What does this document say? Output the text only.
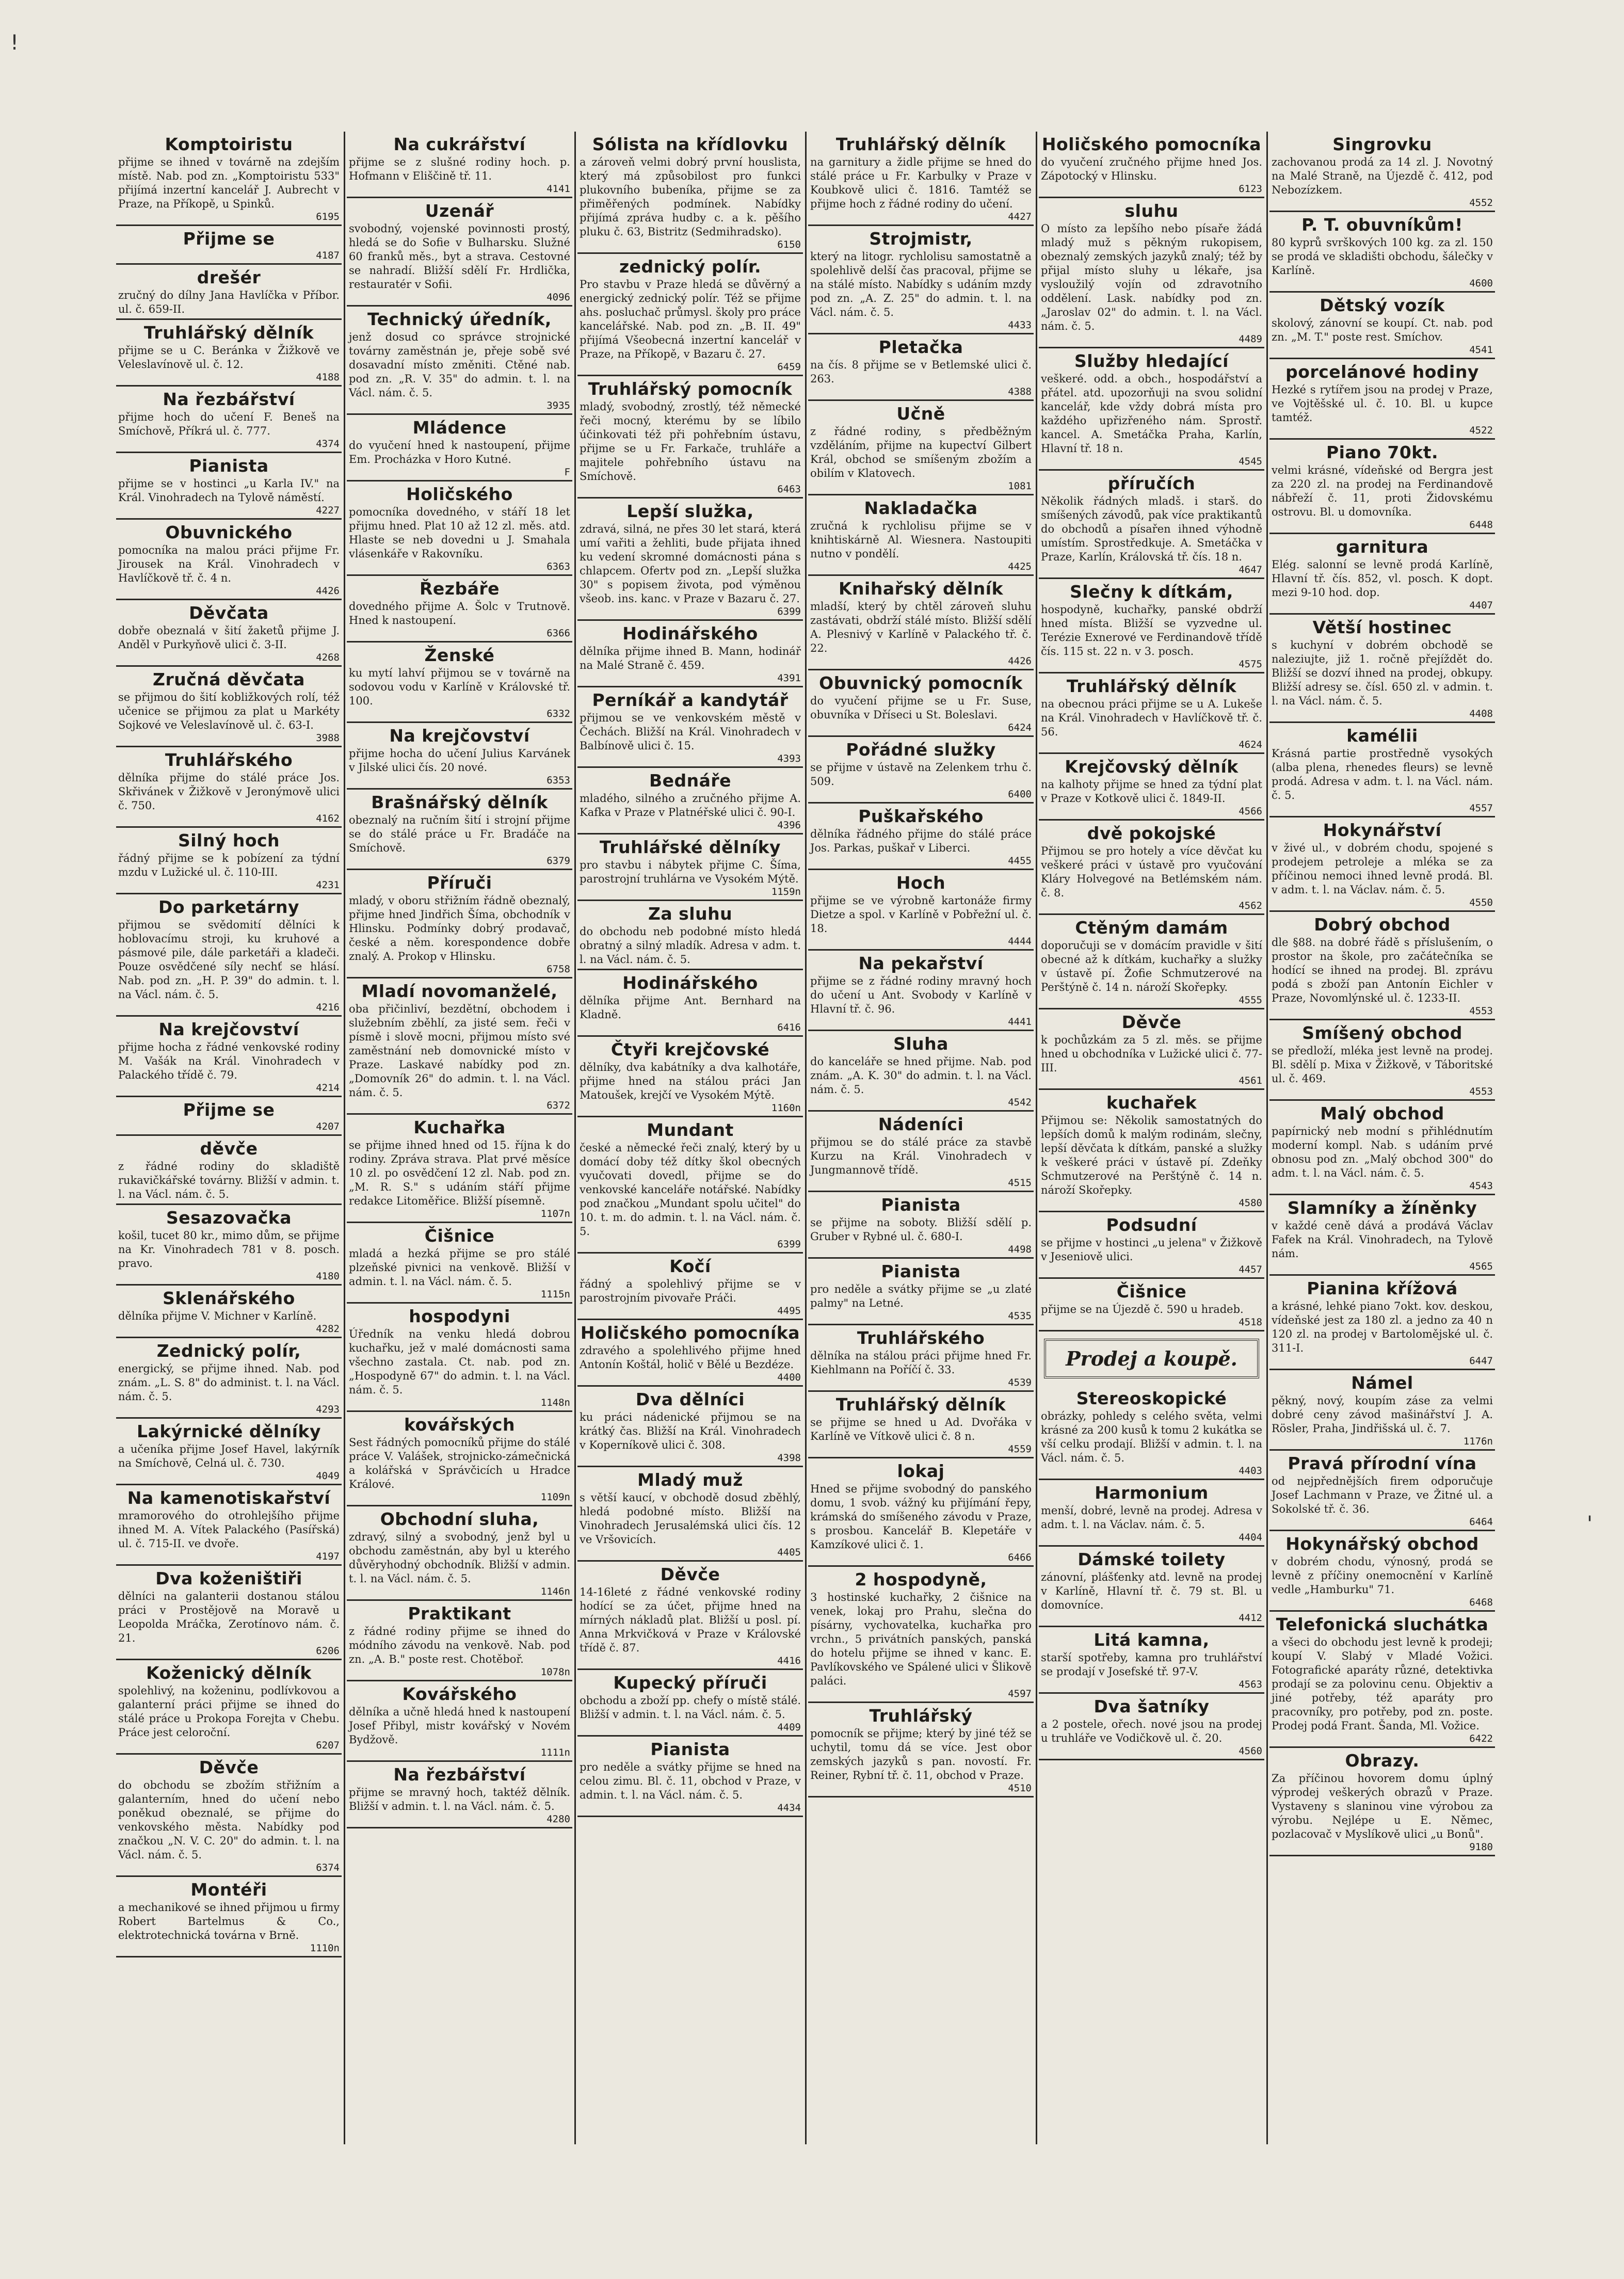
Komptoiristu

přijme se ihned v továrně na zdejším místě. Nab. pod zn. „Komptoiristu 533" přijímá inzertní kancelář J. Aubrecht v Praze, na Příkopě, u Spinků.

6195
Přijme se

4187
drešér

zručný do dílny Jana Havlíčka v Příbor. ul. č. 659-II.

Truhlářský dělník

přijme se u C. Beránka v Žižkově ve Veleslavínově ul. č. 12.

4188
Na řezbářství

přijme hoch do učení F. Beneš na Smíchově, Příkrá ul. č. 777.

4374
Pianista

přijme se v hostinci „u Karla IV." na Král. Vinohradech na Tylově náměstí.

4227
Obuvnického

pomocníka na malou práci přijme Fr. Jirousek na Král. Vinohradech v Havlíčkově tř. č. 4 n.

4426
Děvčata

dobře obeznalá v šití žaketů přijme J. Anděl v Purkyňově ulici č. 3-II.

4268
Zručná děvčata

se přijmou do šití kobližkových rolí, též učenice se přijmou za plat u Markéty Sojkové ve Veleslavínově ul. č. 63-I.

3988
Truhlářského

dělníka přijme do stálé práce Jos. Skřivánek v Žižkově v Jeronýmově ulici č. 750.

4162
Silný hoch

řádný přijme se k pobízení za týdní mzdu v Lužické ul. č. 110-III.

4231
Do parketárny

přijmou se svědomití dělníci k hoblovacímu stroji, ku kruhové a pásmové pile, dále parketáři a kladeči. Pouze osvědčené síly nechť se hlásí. Nab. pod zn. „H. P. 39" do admin. t. l. na Václ. nám. č. 5.

4216
Na krejčovství

přijme hocha z řádné venkovské rodiny M. Vašák na Král. Vinohradech v Palackého třídě č. 79.

4214
Přijme se

4207
děvče

z řádné rodiny do skladiště rukavičkářské továrny. Bližší v admin. t. l. na Václ. nám. č. 5.

Sesazovačka

košil, tucet 80 kr., mimo dům, se přijme na Kr. Vinohradech 781 v 8. posch. pravo.

4180
Sklenářského

dělníka přijme V. Michner v Karlíně.

4282
Zednický polír,

energický, se přijme ihned. Nab. pod znám. „L. S. 8" do administ. t. l. na Václ. nám. č. 5.

4293
Lakýrnické dělníky

a učeníka přijme Josef Havel, lakýrník na Smíchově, Celná ul. č. 730.

4049
Na kamenotiskařství

mramorového do otrohlejšího přijme ihned M. A. Vítek Palackého (Pasířská) ul. č. 715-II. ve dvoře.

4197
Dva koženištiři

dělníci na galanterii dostanou stálou práci v Prostějově na Moravě u Leopolda Mráčka, Zerotínovo nám. č. 21.

6206
Koženický dělník

spolehlivý, na koženinu, podlívkovou a galanterní práci přijme se ihned do stálé práce u Prokopa Forejta v Chebu. Práce jest celoroční.

6207
Děvče

do obchodu se zbožím střižním a galanterním, hned do učení nebo poněkud obeznalé, se přijme do venkovského města. Nabídky pod značkou „N. V. C. 20" do admin. t. l. na Václ. nám. č. 5.

6374
Montéři

a mechanikové se ihned přijmou u firmy Robert Bartelmus & Co., elektrotechnická továrna v Brně.

1110n
Na cukrářství

přijme se z slušné rodiny hoch. p. Hofmann v Eliščině tř. 11.

4141
Uzenář

svobodný, vojenské povinnosti prostý, hledá se do Sofie v Bulharsku. Služné 60 franků měs., byt a strava. Cestovné se nahradí. Bližší sdělí Fr. Hrdlička, restauratér v Sofii.

4096
Technický úředník,

jenž dosud co správce strojnické továrny zaměstnán je, přeje sobě své dosavadní místo změniti. Ctěné nab. pod zn. „R. V. 35" do admin. t. l. na Václ. nám. č. 5.

3935
Mládence

do vyučení hned k nastoupení, přijme Em. Procházka v Horo Kutné.

F
Holičského

pomocníka dovedného, v stáří 18 let přijmu hned. Plat 10 až 12 zl. měs. atd. Hlaste se neb dovedni u J. Smahala vlásenkáře v Rakovníku.

6363
Řezbáře

dovedného přijme A. Šolc v Trutnově. Hned k nastoupení.

6366
Ženské

ku mytí lahví přijmou se v továrně na sodovou vodu v Karlíně v Královské tř. 100.

6332
Na krejčovství

přijme hocha do učení Julius Karvánek v Jilské ulici čís. 20 nové.

6353
Brašnářský dělník

obeznalý na ručním šití i strojní přijme se do stálé práce u Fr. Bradáče na Smíchově.

6379
Příruči

mladý, v oboru střižním řádně obeznalý, přijme hned Jindřich Šíma, obchodník v Hlinsku. Podmínky dobrý prodavač, české a něm. korespondence dobře znalý. A. Prokop v Hlinsku.

6758
Mladí novomanželé,

oba přičinliví, bezdětní, obchodem i služebním zběhlí, za jisté sem. řeči v písmě i slově mocni, přijmou místo své zaměstnání neb domovnické místo v Praze. Laskavé nabídky pod zn. „Domovník 26" do admin. t. l. na Václ. nám. č. 5.

6372
Kuchařka

se přijme ihned hned od 15. října k do rodiny. Zpráva strava. Plat prvé měsíce 10 zl. po osvědčení 12 zl. Nab. pod zn. „M. R. S." s udáním stáří přijme redakce Litoměřice. Bližší písemně.

1107n
Čišnice

mladá a hezká přijme se pro stálé plzeňské pivnici na venkově. Bližší v admin. t. l. na Václ. nám. č. 5.

1115n
hospodyni

Úředník na venku hledá dobrou kuchařku, jež v malé domácnosti sama všechno zastala. Ct. nab. pod zn. „Hospodyně 67" do admin. t. l. na Václ. nám. č. 5.

1148n
kovářských

Sest řádných pomocníků přijme do stálé práce V. Valášek, strojnicko-zámečnická a kolářská v Správčicích u Hradce Králové.

1109n
Obchodní sluha,

zdravý, silný a svobodný, jenž byl u obchodu zaměstnán, aby byl u kterého důvěryhodný obchodník. Bližší v admin. t. l. na Václ. nám. č. 5.

1146n
Praktikant

z řádné rodiny přijme se ihned do módního závodu na venkově. Nab. pod zn. „A. B." poste rest. Chotěboř.

1078n
Kovářského

dělníka a učně hledá hned k nastoupení Josef Přibyl, mistr kovářský v Novém Bydžově.

1111n
Na řezbářství

přijme se mravný hoch, taktéž dělník. Bližší v admin. t. l. na Václ. nám. č. 5.

4280
Sólista na křídlovku

a zároveň velmi dobrý první houslista, který má způsobilost pro funkci plukovního bubeníka, přijme se za přiměřených podmínek. Nabídky přijímá zpráva hudby c. a k. pěšího pluku č. 63, Bistritz (Sedmihradsko).

6150
zednický polír.

Pro stavbu v Praze hledá se důvěrný a energický zednický polír. Též se přijme ahs. posluchač průmysl. školy pro práce kancelářské. Nab. pod zn. „B. II. 49" přijímá Všeobecná inzertní kancelář v Praze, na Příkopě, v Bazaru č. 27.

6459
Truhlářský pomocník

mladý, svobodný, zrostlý, též německé řeči mocný, kterému by se líbilo účinkovati též při pohřebním ústavu, přijme se u Fr. Farkače, truhláře a majitele pohřebního ústavu na Smíchově.

6463
Lepší služka,

zdravá, silná, ne přes 30 let stará, která umí vařiti a žehliti, bude přijata ihned ku vedení skromné domácnosti pána s chlapcem. Ofertv pod zn. „Lepší služka 30" s popisem života, pod výměnou všeob. ins. kanc. v Praze v Bazaru č. 27.

6399
Hodinářského

dělníka přijme ihned B. Mann, hodinář na Malé Straně č. 459.

4391
Perníkář a kandytář

přijmou se ve venkovském městě v Čechách. Bližší na Král. Vinohradech v Balbínově ulici č. 15.

4393
Bednáře

mladého, silného a zručného přijme A. Kafka v Praze v Platnéřské ulici č. 90-I.

4396
Truhlářské dělníky

pro stavbu i nábytek přijme C. Šíma, parostrojní truhlárna ve Vysokém Mýtě.

1159n
Za sluhu

do obchodu neb podobné místo hledá obratný a silný mladík. Adresa v adm. t. l. na Václ. nám. č. 5.

Hodinářského

dělníka přijme Ant. Bernhard na Kladně.

6416
Čtyři krejčovské

dělníky, dva kabátníky a dva kalhotáře, přijme hned na stálou práci Jan Matoušek, krejčí ve Vysokém Mýtě.

1160n
Mundant

české a německé řeči znalý, který by u domácí doby též dítky škol obecných vyučovati dovedl, přijme se do venkovské kanceláře notářské. Nabídky pod značkou „Mundant spolu učitel" do 10. t. m. do admin. t. l. na Václ. nám. č. 5.

6399
Kočí

řádný a spolehlivý přijme se v parostrojním pivovaře Práči.

4495
Holičského pomocníka

zdravého a spolehlivého přijme hned Antonín Koštál, holič v Bělé u Bezdéze.

4400
Dva dělníci

ku práci nádenické přijmou se na krátký čas. Bližší na Král. Vinohradech v Koperníkově ulici č. 308.

4398
Mladý muž

s větší kaucí, v obchodě dosud zběhlý, hledá podobné místo. Bližší na Vinohradech Jerusalémská ulici čís. 12 ve Vršovicích.

4405
Děvče

14-16leté z řádné venkovské rodiny hodící se za účet, přijme hned na mírných nákladů plat. Bližší u posl. pí. Anna Mrkvičková v Praze v Královské třídě č. 87.

4416
Kupecký příruči

obchodu a zboží pp. chefy o místě stálé. Bližší v admin. t. l. na Václ. nám. č. 5.

4409
Pianista

pro neděle a svátky přijme se hned na celou zimu. Bl. č. 11, obchod v Praze, v admin. t. l. na Václ. nám. č. 5.

4434
Truhlářský dělník

na garnitury a židle přijme se hned do stálé práce u Fr. Karbulky v Praze v Koubkově ulici č. 1816. Tamtéž se přijme hoch z řádné rodiny do učení.

4427
Strojmistr,

který na litogr. rychlolisu samostatně a spolehlivě delší čas pracoval, přijme se na stálé místo. Nabídky s udáním mzdy pod zn. „A. Z. 25" do admin. t. l. na Václ. nám. č. 5.

4433
Pletačka

na čís. 8 přijme se v Betlemské ulici č. 263.

4388
Učně

z řádné rodiny, s předběžným vzděláním, přijme na kupectví Gilbert Král, obchod se smíšeným zbožím a obilím v Klatovech.

1081
Nakladačka

zručná k rychlolisu přijme se v knihtiskárně Al. Wiesnera. Nastoupiti nutno v pondělí.

4425
Knihařský dělník

mladší, který by chtěl zároveň sluhu zastávati, obdrží stálé místo. Bližší sdělí A. Plesnivý v Karlíně v Palackého tř. č. 22.

4426
Obuvnický pomocník

do vyučení přijme se u Fr. Suse, obuvníka v Dříseci u St. Boleslavi.

6424
Pořádné služky

se přijme v ústavě na Zelenkem trhu č. 509.

6400
Puškařského

dělníka řádného přijme do stálé práce Jos. Parkas, puškař v Liberci.

4455
Hoch

přijme se ve výrobně kartonáže firmy Dietze a spol. v Karlíně v Pobřežní ul. č. 18.

4444
Na pekařství

přijme se z řádné rodiny mravný hoch do učení u Ant. Svobody v Karlíně v Hlavní tř. č. 96.

4441
Sluha

do kanceláře se hned přijme. Nab. pod znám. „A. K. 30" do admin. t. l. na Václ. nám. č. 5.

4542
Nádeníci

přijmou se do stálé práce za stavbě Kurzu na Král. Vinohradech v Jungmannově třídě.

4515
Pianista

se přijme na soboty. Bližší sdělí p. Gruber v Rybné ul. č. 680-I.

4498
Pianista

pro neděle a svátky přijme se „u zlaté palmy" na Letné.

4535
Truhlářského

dělníka na stálou práci přijme hned Fr. Kiehlmann na Poříčí č. 33.

4539
Truhlářský dělník

se přijme se hned u Ad. Dvořáka v Karlíně ve Vítkově ulici č. 8 n.

4559
lokaj

Hned se přijme svobodný do panského domu, 1 svob. vážný ku přijímání řepy, krámská do smíšeného závodu v Praze, s prosbou. Kancelář B. Klepetáře v Kamzíkové ulici č. 1.

6466
2 hospodyně,

3 hostinské kuchařky, 2 čišnice na venek, lokaj pro Prahu, slečna do písárny, vychovatelka, kuchařka pro vrchn., 5 privátních panských, panská do hotelu přijme se ihned v kanc. E. Pavlíkovského ve Spálené ulici v Šlikově paláci.

4597
Truhlářský

pomocník se přijme; který by jiné též se uchytil, tomu dá se více. Jest obor zemských jazyků s pan. novostí. Fr. Reiner, Rybní tř. č. 11, obchod v Praze.

4510
Holičského pomocníka

do vyučení zručného přijme hned Jos. Zápotocký v Hlinsku.

6123
sluhu

O místo za lepšího nebo písaře žádá mladý muž s pěkným rukopisem, obeznalý zemských jazyků znalý; též by přijal místo sluhy u lékaře, jsa vysloužilý vojín od zdravotního oddělení. Lask. nabídky pod zn. „Jaroslav 02" do admin. t. l. na Václ. nám. č. 5.

4489
Služby hledající

veškeré. odd. a obch., hospodářství a přátel. atd. upozorňuji na svou solidní kancelář, kde vždy dobrá místa pro každého upřizřeného nám. Sprostř. kancel. A. Smetáčka Praha, Karlín, Hlavní tř. 18 n.

4545
příručích

Několik řádných mladš. i starš. do smíšených závodů, pak více praktikantů do obchodů a písařen ihned výhodně umístím. Sprostředkuje. A. Smetáčka v Praze, Karlín, Královská tř. čís. 18 n.

4647
Slečny k dítkám,

hospodyně, kuchařky, panské obdrží hned místa. Bližší se vyzvedne ul. Terézie Exnerové ve Ferdinandově třídě čís. 115 st. 22 n. v 3. posch.

4575
Truhlářský dělník

na obecnou práci přijme se u A. Lukeše na Král. Vinohradech v Havlíčkově tř. č. 56.

4624
Krejčovský dělník

na kalhoty přijme se hned za týdní plat v Praze v Kotkově ulici č. 1849-II.

4566
dvě pokojské

Přijmou se pro hotely a více děvčat ku veškeré práci v ústavě pro vyučování Kláry Holvegové na Betlémském nám. č. 8.

4562
Ctěným damám

doporučuji se v domácím pravidle v šití obecné až k dítkám, kuchařky a služky v ústavě pí. Žofie Schmutzerové na Perštýně č. 14 n. nároží Skořepky.

4555
Děvče

k pochůzkám za 5 zl. měs. se přijme hned u obchodníka v Lužické ulici č. 77-III.

4561
kuchařek

Přijmou se: Několik samostatných do lepších domů k malým rodinám, slečny, lepší děvčata k dítkám, panské a služky k veškeré práci v ústavě pí. Zdeňky Schmutzerové na Perštýně č. 14 n. nároží Skořepky.

4580
Podsudní

se přijme v hostinci „u jelena" v Žižkově v Jeseniově ulici.

4457
Čišnice

přijme se na Újezdě č. 590 u hradeb.

4518
Prodej a koupě.
Stereoskopické

obrázky, pohledy s celého světa, velmi krásné za 200 kusů k tomu 2 kukátka se vší celku prodají. Bližší v admin. t. l. na Václ. nám. č. 5.

4403
Harmonium

menší, dobré, levně na prodej. Adresa v adm. t. l. na Václav. nám. č. 5.

4404
Dámské toilety

zánovní, plášťenky atd. levně na prodej v Karlíně, Hlavní tř. č. 79 st. Bl. u domovníce.

4412
Litá kamna,

starší spotřeby, kamna pro truhlářství se prodají v Josefské tř. 97-V.

4563
Dva šatníky

a 2 postele, ořech. nové jsou na prodej u truhláře ve Vodičkově ul. č. 20.

4560
Singrovku

zachovanou prodá za 14 zl. J. Novotný na Malé Straně, na Újezdě č. 412, pod Nebozízkem.

4552
P. T. obuvníkům!

80 kyprů svrškových 100 kg. za zl. 150 se prodá ve skladišti obchodu, šálečky v Karlíně.

4600
Dětský vozík

skolový, zánovní se koupí. Ct. nab. pod zn. „M. T." poste rest. Smíchov.

4541
porcelánové hodiny

Hezké s rytířem jsou na prodej v Praze, ve Vojtěšské ul. č. 10. Bl. u kupce tamtéž.

4522
Piano 70kt.

velmi krásné, vídeňské od Bergra jest za 220 zl. na prodej na Ferdinandově nábřeží č. 11, proti Židovskému ostrovu. Bl. u domovníka.

6448
garnitura

Elég. salonní se levně prodá Karlíně, Hlavní tř. čís. 852, vl. posch. K dopt. mezi 9-10 hod. dop.

4407
Větší hostinec

s kuchyní v dobrém obchodě se naleziujte, již 1. ročně přejíždět do. Bližší se dozví ihned na prodej, obkupy. Bližší adresy se. čísl. 650 zl. v admin. t. l. na Václ. nám. č. 5.

4408
kamélii

Krásná partie prostředně vysokých (alba plena, rhenedes fleurs) se levně prodá. Adresa v adm. t. l. na Václ. nám. č. 5.

4557
Hokynářství

v živé ul., v dobrém chodu, spojené s prodejem petroleje a mléka se za příčinou nemoci ihned levně prodá. Bl. v adm. t. l. na Václav. nám. č. 5.

4550
Dobrý obchod

dle §88. na dobré řádě s příslušením, o prostor na škole, pro začátečníka se hodící se ihned na prodej. Bl. zprávu podá s zboží pan Antonín Eichler v Praze, Novomlýnské ul. č. 1233-II.

4553
Smíšený obchod

se předloží, mléka jest levně na prodej. Bl. sdělí p. Mixa v Žižkově, v Táboritské ul. č. 469.

4553
Malý obchod

papírnický neb modní s přihlédnutím moderní kompl. Nab. s udáním prvé obnosu pod zn. „Malý obchod 300" do adm. t. l. na Václ. nám. č. 5.

4543
Slamníky a žíněnky

v každé ceně dává a prodává Václav Fafek na Král. Vinohradech, na Tylově nám.

4565
Pianina křížová

a krásné, lehké piano 7okt. kov. deskou, vídeňské jest za 180 zl. a jedno za 40 n 120 zl. na prodej v Bartolomějské ul. č. 311-I.

6447
Námel

pěkný, nový, koupím záse za velmi dobré ceny závod mašinářství J. A. Rösler, Praha, Jindřišská ul. č. 7.

1176n
Pravá přírodní vína

od nejpřednějších firem odporučuje Josef Lachmann v Praze, ve Žitné ul. a Sokolské tř. č. 36.

6464
Hokynářský obchod

v dobrém chodu, výnosný, prodá se levně z příčiny onemocnění v Karlíně vedle „Hamburku" 71.

6468
Telefonická sluchátka

a všeci do obchodu jest levně k prodeji; koupí V. Slabý v Mladé Vožici. Fotografické aparáty různé, detektivka prodají se za polovinu cenu. Objektiv a jiné potřeby, též aparáty pro pracovníky, pro potřeby, pod zn. poste. Prodej podá Frant. Šanda, Ml. Vožice.

6422
Obrazy.

Za příčinou hovorem domu úplný výprodej veškerých obrazů v Praze. Vystaveny s slaninou vine výrobou za výrobu. Nejlépe u E. Němec, pozlacovač v Myslíkově ulici „u Bonů".

9180
!
'
